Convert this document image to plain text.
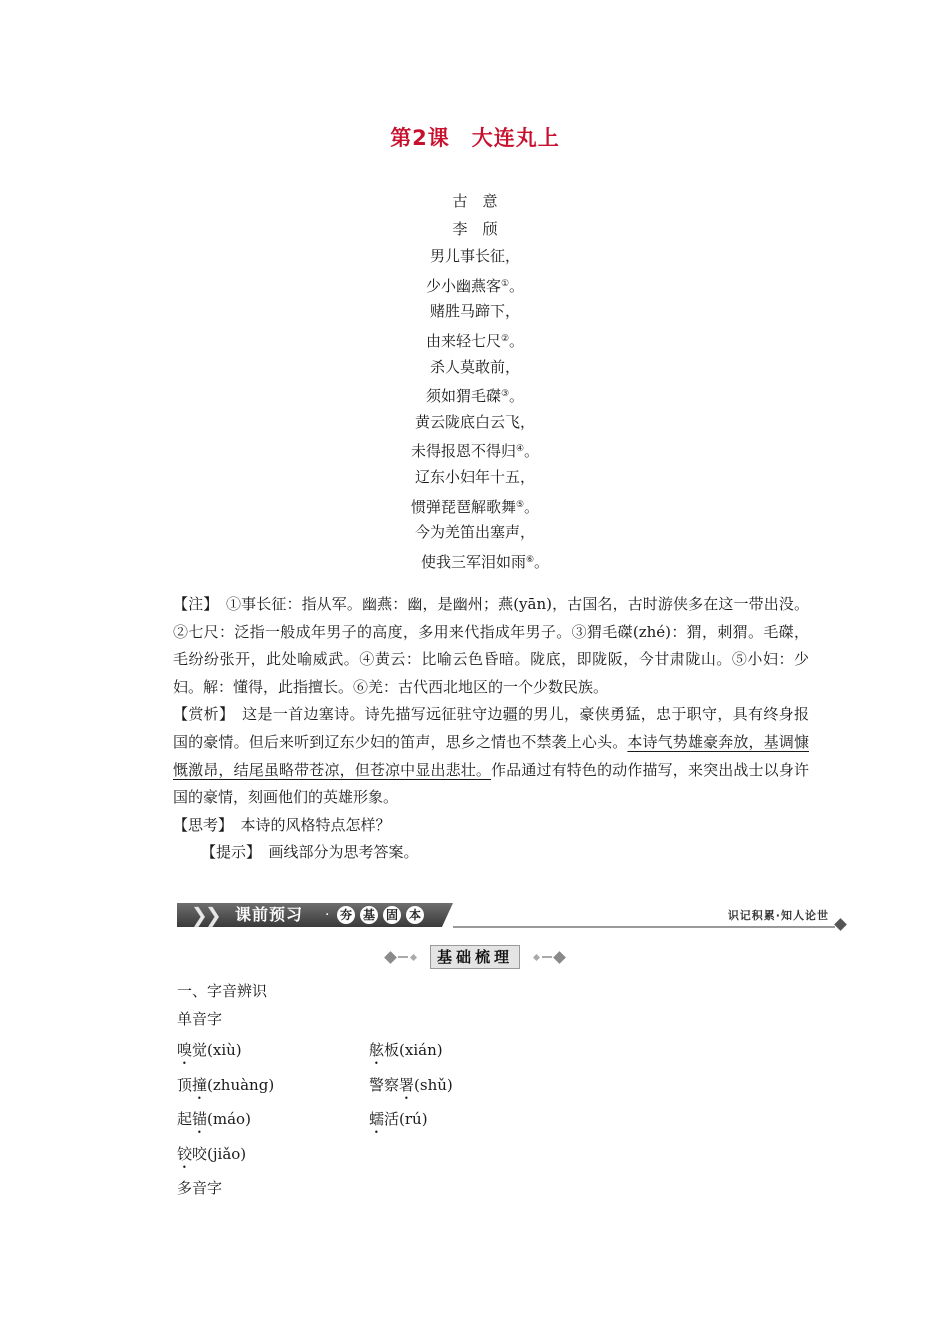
第2课　大连丸上
古　意
李　颀
男儿事长征，
少小幽燕客①。
赌胜马蹄下，
由来轻七尺②。
杀人莫敢前，
须如猬毛磔③。
黄云陇底白云飞，
未得报恩不得归④。
辽东小妇年十五，
惯弹琵琶解歌舞⑤。
今为羌笛出塞声，
使我三军泪如雨⑥。

【注】　①事长征：指从军。幽燕：幽，是幽州；燕(yān)，古国名，古时游侠多在这一带出没。②七尺：泛指一般成年男子的高度，多用来代指成年男子。③猬毛磔(zhé)：猬，刺猬。毛磔，毛纷纷张开，此处喻威武。④黄云：比喻云色昏暗。陇底，即陇阪，今甘肃陇山。⑤小妇：少妇。解：懂得，此指擅长。⑥羌：古代西北地区的一个少数民族。

【赏析】　这是一首边塞诗。诗先描写远征驻守边疆的男儿，豪侠勇猛，忠于职守，具有终身报国的豪情。但后来听到辽东少妇的笛声，思乡之情也不禁袭上心头。本诗气势雄豪奔放，基调慷慨激昂，结尾虽略带苍凉，但苍凉中显出悲壮。作品通过有特色的动作描写，来突出战士以身许国的豪情，刻画他们的英雄形象。

【思考】　本诗的风格特点怎样？

【提示】　画线部分为思考答案。

❯
❯ 课前预习 · 夯 基 固 本	识记积累·知人论世
基础梳理
一、字音辨识
单音字
嗅觉(xiù)	舷板(xián)
顶撞(zhuàng)	警察署(shǔ)
起锚(máo)	蠕活(rú)
铰咬(jiǎo)
多音字
